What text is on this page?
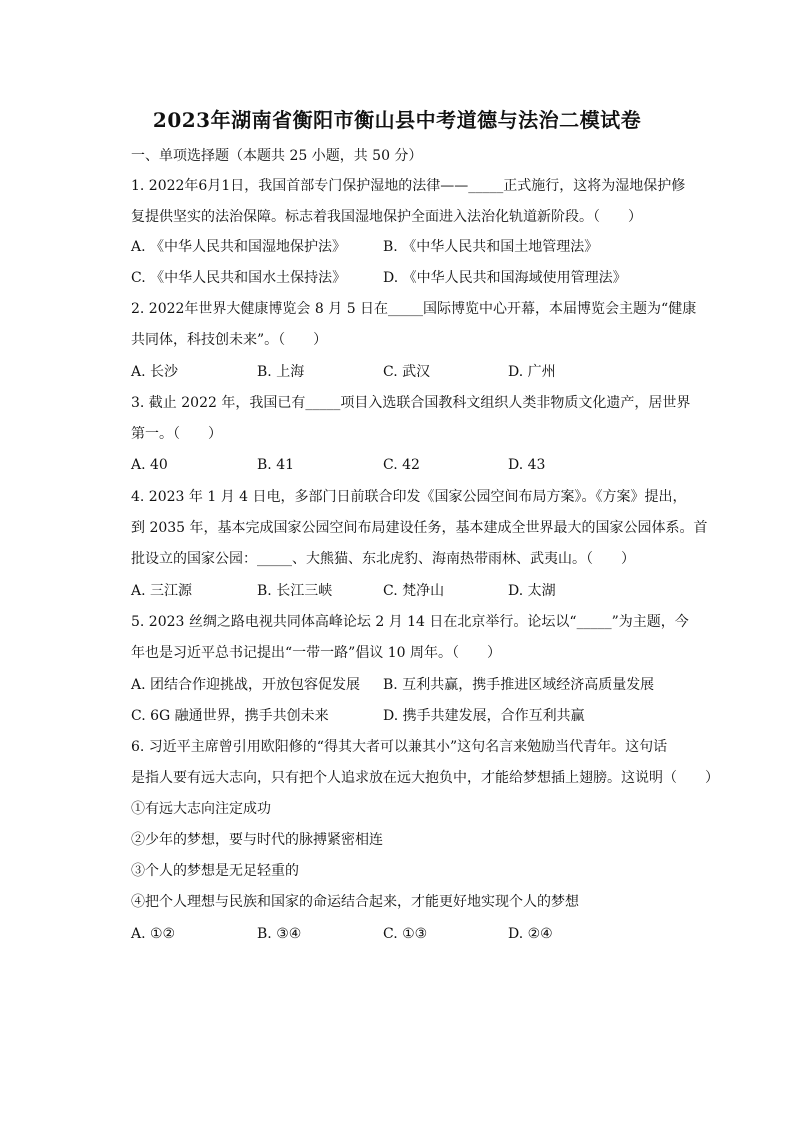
2023年湖南省衡阳市衡山县中考道德与法治二模试卷
一、单项选择题（本题共 25 小题，共 50 分）
1. 2022年6月1日，我国首部专门保护湿地的法律——_____正式施行，这将为湿地保护修
复提供坚实的法治保障。标志着我国湿地保护全面进入法治化轨道新阶段。（　　）
A. 《中华人民共和国湿地保护法》	B. 《中华人民共和国土地管理法》
C. 《中华人民共和国水土保持法》	D. 《中华人民共和国海域使用管理法》
2. 2022年世界大健康博览会 8 月 5 日在_____国际博览中心开幕，本届博览会主题为“健康
共同体，科技创未来”。（　　）
A. 长沙	B. 上海	C. 武汉	D. 广州
3. 截止 2022 年，我国已有_____项目入选联合国教科文组织人类非物质文化遗产，居世界
第一。（　　）
A. 40	B. 41	C. 42	D. 43
4. 2023 年 1 月 4 日电，多部门日前联合印发《国家公园空间布局方案》。《方案》提出，
到 2035 年，基本完成国家公园空间布局建设任务，基本建成全世界最大的国家公园体系。首
批设立的国家公园：_____、大熊猫、东北虎豹、海南热带雨林、武夷山。（　　）
A. 三江源	B. 长江三峡	C. 梵净山	D. 太湖
5. 2023 丝绸之路电视共同体高峰论坛 2 月 14 日在北京举行。论坛以“_____”为主题，今
年也是习近平总书记提出“一带一路”倡议 10 周年。（　　）
A. 团结合作迎挑战，开放包容促发展 B. 互利共赢，携手推进区域经济高质量发展
C. 6G 融通世界，携手共创未来	D. 携手共建发展，合作互利共赢
6. 习近平主席曾引用欧阳修的“得其大者可以兼其小”这句名言来勉励当代青年。这句话
是指人要有远大志向，只有把个人追求放在远大抱负中，才能给梦想插上翅膀。这说明（　　）
①有远大志向注定成功
②少年的梦想，要与时代的脉搏紧密相连
③个人的梦想是无足轻重的
④把个人理想与民族和国家的命运结合起来，才能更好地实现个人的梦想
A. ①②	B. ③④	C. ①③	D. ②④
